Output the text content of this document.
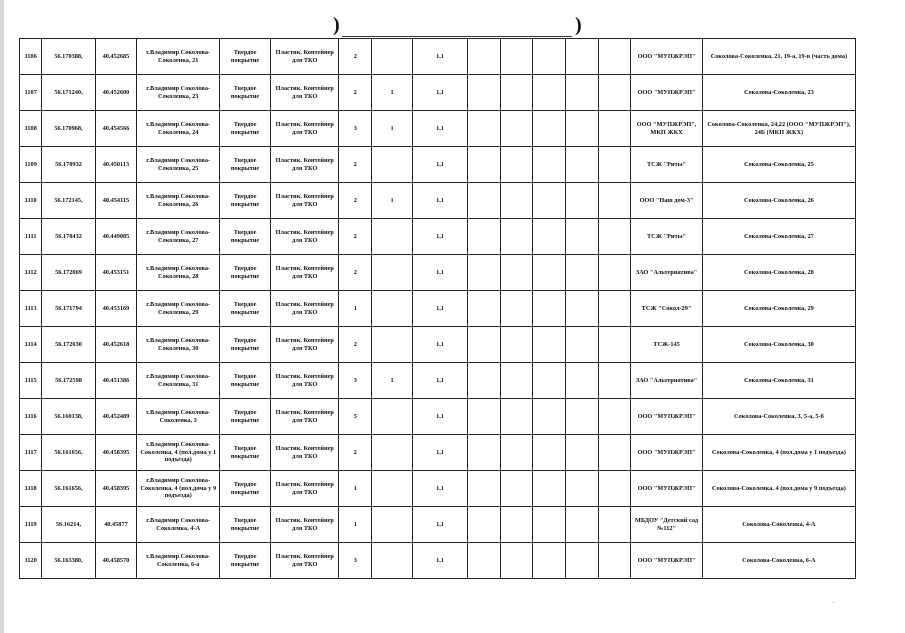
)	)
1106	56.170388,	40.452685	г.Владимир Соколова-Соколенка, 21	Твердое покрытие	Пластик. Контейнер для ТКО	2		1,1						ООО "МУПЖРЭП"	Соколова-Соколенка, 21, 19-а, 19-в (часть дома)
1107	56.171240,	40.452600	г.Владимир Соколова-Соколенка, 23	Твердое покрытие	Пластик. Контейнер для ТКО	2	1	1,1						ООО "МУПЖРЭП"	Соколова-Соколенка, 23
1108	56.170968,	40.454566	г.Владимир Соколова-Соколенка, 24	Твердое покрытие	Пластик. Контейнер для ТКО	3	1	1,1						ООО "МУПЖРЭП", МКП ЖКХ	Соколова-Соколенка, 24,22 (ООО "МУПЖРЭП"), 24Б (МКП ЖКХ)
1109	56.170932	40.450113	г.Владимир Соколова-Соколенка, 25	Твердое покрытие	Пластик. Контейнер для ТКО	2		1,1						ТСЖ "Риты"	Соколова-Соколенка, 25
1110	56.172145,	40.454115	г.Владимир Соколова-Соколенка, 26	Твердое покрытие	Пластик. Контейнер для ТКО	2	1	1,1						ООО "Наш дом-3"	Соколова-Соколенка, 26
1111	56.170432	40.449085	г.Владимир Соколова-Соколенка, 27	Твердое покрытие	Пластик. Контейнер для ТКО	2		1,1						ТСЖ "Риты"	Соколова-Соколенка, 27
1112	56.172069	40.453151	г.Владимир Соколова-Соколенка, 28	Твердое покрытие	Пластик. Контейнер для ТКО	2		1,1						ЗАО "Альтернатива"	Соколова-Соколенка, 28
1113	56.171794	40.453169	г.Владимир Соколова-Соколенка, 29	Твердое покрытие	Пластик. Контейнер для ТКО	1		1,1						ТСЖ "Сокол-29"	Соколова-Соколенка, 29
1114	56.172630	40.452618	г.Владимир Соколова-Соколенка, 30	Твердое покрытие	Пластик. Контейнер для ТКО	2		1,1						ТСЖ-145	Соколова-Соколенка, 30
1115	56.172598	40.451386	г.Владимир Соколова-Соколенка, 31	Твердое покрытие	Пластик. Контейнер для ТКО	3	1	1,1						ЗАО "Альтернатива"	Соколова-Соколенка, 31
1116	56.160138,	40.452489	г.Владимир Соколова-Соколенка, 3	Твердое покрытие	Пластик. Контейнер для ТКО	5		1,1						ООО "МУПЖРЭП"	Соколова-Соколенка, 3, 5-а, 5-б
1117	56.161656,	40.458395	г.Владимир Соколова-Соколенка, 4 (пол.дома у 1 подъезда)	Твердое покрытие	Пластик. Контейнер для ТКО	2		1,1						ООО "МУПЖРЭП"	Соколова-Соколенка, 4 (пол.дома у 1 подъезда)
1118	56.161656,	40.458395	г.Владимир Соколова-Соколенка, 4 (пол.дома у 9 подъезда)	Твердое покрытие	Пластик. Контейнер для ТКО	1		1,1						ООО "МУПЖРЭП"	Соколова-Соколенка, 4 (пол.дома у 9 подъезда)
1119	56.16214,	40.45877	г.Владимир Соколова-Соколенка, 4-А	Твердое покрытие	Пластик. Контейнер для ТКО	1		1,1						МБДОУ "Детский сад №112"	Соколова-Соколенка, 4-А
1120	56.163380,	40.458570	г.Владимир Соколова-Соколенка, 6-а	Твердое покрытие	Пластик. Контейнер для ТКО	3		1,1						ООО "МУПЖРЭП"	Соколова-Соколенка, 6-А
